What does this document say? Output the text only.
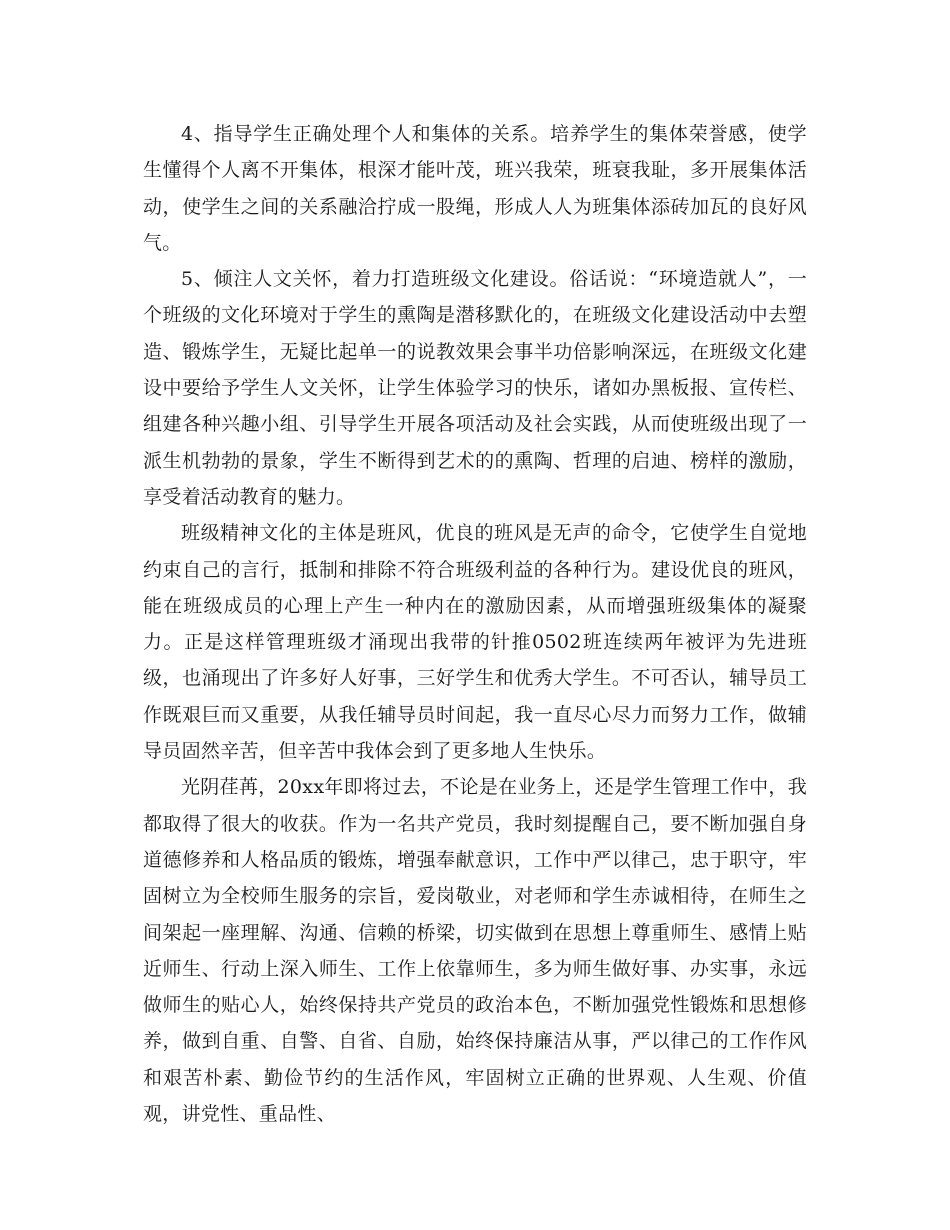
4、指导学生正确处理个人和集体的关系。培养学生的集体荣誉感，使学生懂得个人离不开集体，根深才能叶茂，班兴我荣，班衰我耻，多开展集体活动，使学生之间的关系融洽拧成一股绳，形成人人为班集体添砖加瓦的良好风气。

5、倾注人文关怀，着力打造班级文化建设。俗话说：“环境造就人”，一个班级的文化环境对于学生的熏陶是潜移默化的，在班级文化建设活动中去塑造、锻炼学生，无疑比起单一的说教效果会事半功倍影响深远，在班级文化建设中要给予学生人文关怀，让学生体验学习的快乐，诸如办黑板报、宣传栏、组建各种兴趣小组、引导学生开展各项活动及社会实践，从而使班级出现了一派生机勃勃的景象，学生不断得到艺术的的熏陶、哲理的启迪、榜样的激励，享受着活动教育的魅力。

班级精神文化的主体是班风，优良的班风是无声的命令，它使学生自觉地约束自己的言行，抵制和排除不符合班级利益的各种行为。建设优良的班风，能在班级成员的心理上产生一种内在的激励因素，从而增强班级集体的凝聚力。正是这样管理班级才涌现出我带的针推0502班连续两年被评为先进班级，也涌现出了许多好人好事，三好学生和优秀大学生。不可否认，辅导员工作既艰巨而又重要，从我任辅导员时间起，我一直尽心尽力而努力工作，做辅导员固然辛苦，但辛苦中我体会到了更多地人生快乐。

光阴荏苒，20xx年即将过去，不论是在业务上，还是学生管理工作中，我都取得了很大的收获。作为一名共产党员，我时刻提醒自己，要不断加强自身道德修养和人格品质的锻炼，增强奉献意识，工作中严以律己，忠于职守，牢固树立为全校师生服务的宗旨，爱岗敬业，对老师和学生赤诚相待，在师生之间架起一座理解、沟通、信赖的桥梁，切实做到在思想上尊重师生、感情上贴近师生、行动上深入师生、工作上依靠师生，多为师生做好事、办实事，永远做师生的贴心人，始终保持共产党员的政治本色，不断加强党性锻炼和思想修养，做到自重、自警、自省、自励，始终保持廉洁从事，严以律己的工作作风和艰苦朴素、勤俭节约的生活作风，牢固树立正确的世界观、人生观、价值观，讲党性、重品性、
